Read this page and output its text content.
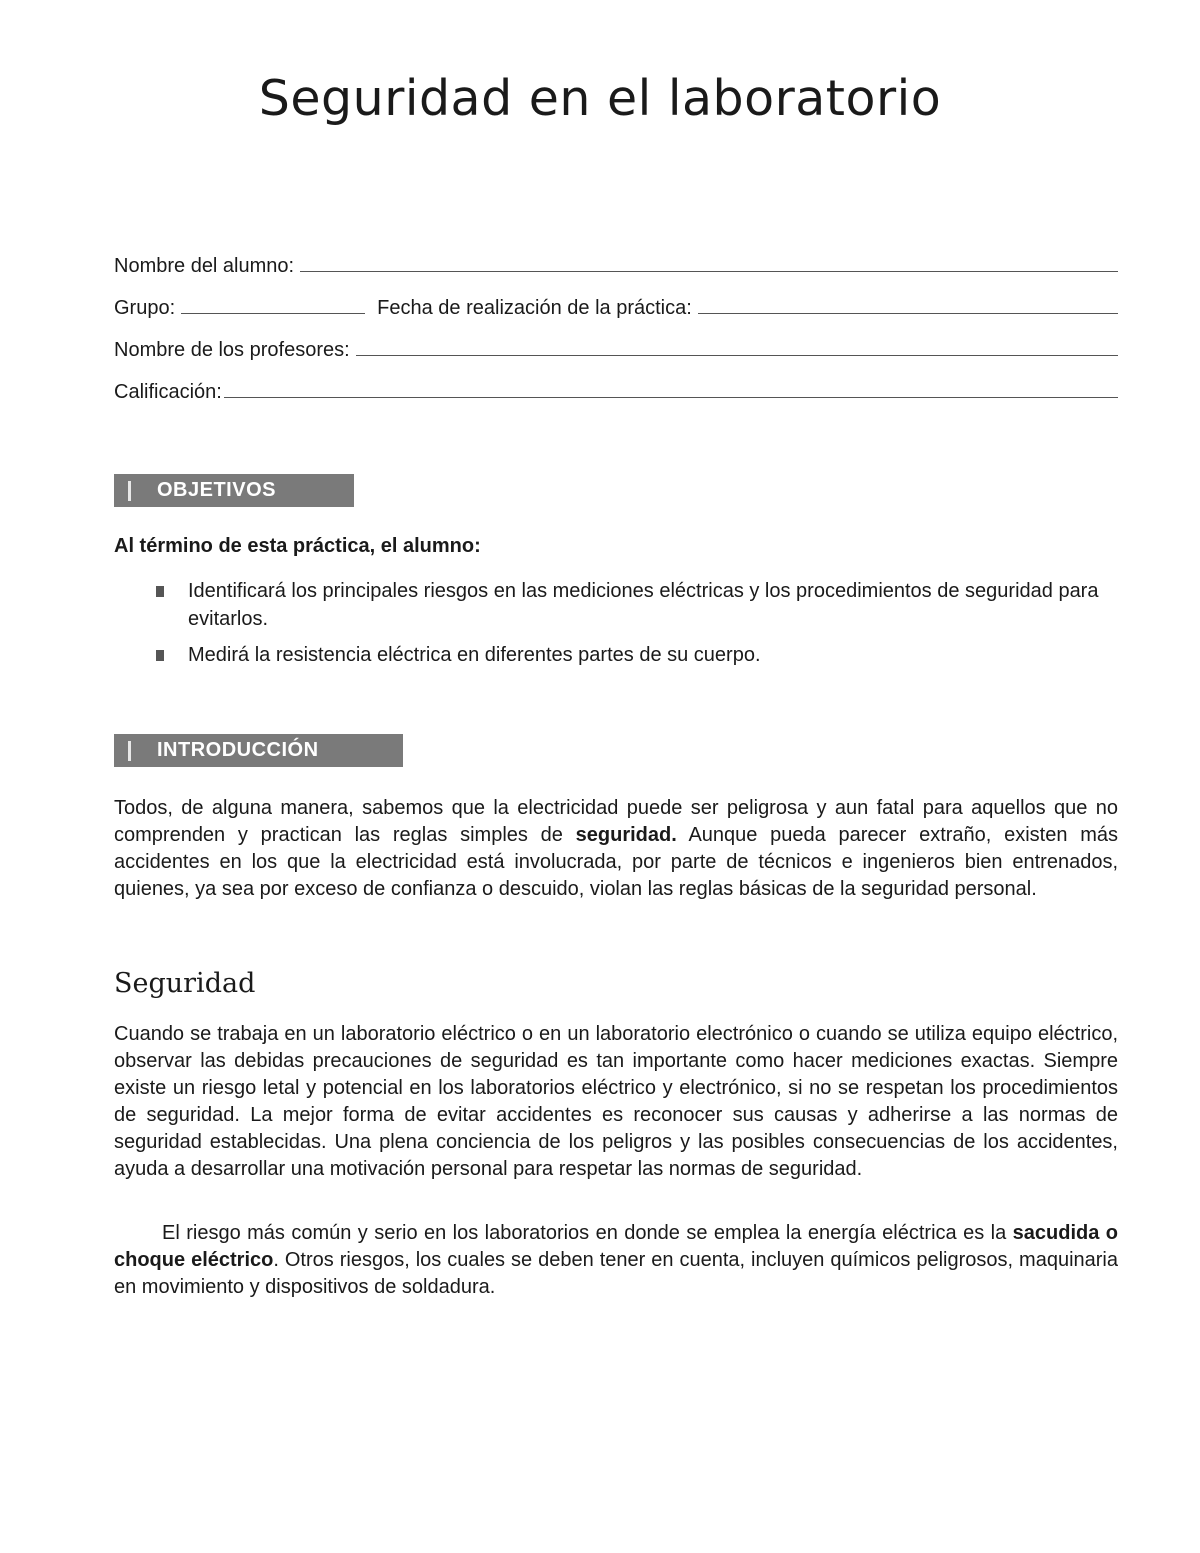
Seguridad en el laboratorio
Nombre del alumno:
Grupo:	Fecha de realización de la práctica:
Nombre de los profesores:
Calificación:
OBJETIVOS
Al término de esta práctica, el alumno:
Identificará los principales riesgos en las mediciones eléctricas y los procedimientos de seguridad para evitarlos.
Medirá la resistencia eléctrica en diferentes partes de su cuerpo.
INTRODUCCIÓN

Todos, de alguna manera, sabemos que la electricidad puede ser peligrosa y aun fatal para aquellos que no comprenden y practican las reglas simples de seguridad. Aunque pueda parecer extraño, existen más accidentes en los que la electricidad está involucrada, por parte de técnicos e ingenieros bien entrenados, quienes, ya sea por exceso de confianza o descuido, violan las reglas básicas de la seguridad personal.

Seguridad

Cuando se trabaja en un laboratorio eléctrico o en un laboratorio electrónico o cuando se utiliza equipo eléctrico, observar las debidas precauciones de seguridad es tan importante como hacer mediciones exactas. Siempre existe un riesgo letal y potencial en los laboratorios eléctrico y electrónico, si no se respetan los procedimientos de seguridad. La mejor forma de evitar accidentes es reconocer sus causas y adherirse a las normas de seguridad establecidas. Una plena conciencia de los peligros y las posibles consecuencias de los accidentes, ayuda a desarrollar una motivación personal para respetar las normas de seguridad.

El riesgo más común y serio en los laboratorios en donde se emplea la energía eléctrica es la sacudida o choque eléctrico. Otros riesgos, los cuales se deben tener en cuenta, incluyen químicos peligrosos, maquinaria en movimiento y dispositivos de soldadura.
